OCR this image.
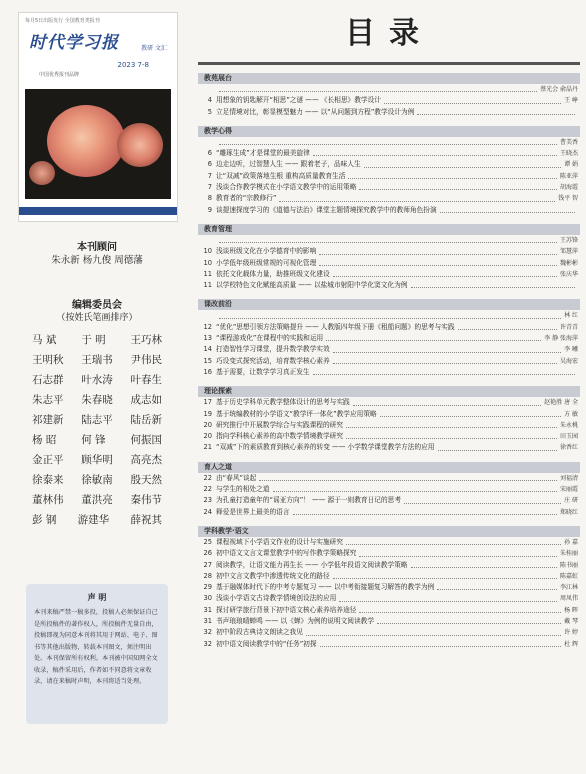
每月5日出版发行 全国教育类报刊
时代学习报	教研 文汇
中国优秀报刊品牌
2023 7-8
本刊顾问
朱永新 杨九俊 周德藩
编辑委员会
（按姓氏笔画排序）
马 斌 于 明 王巧林
王明秋 王瑞书 尹伟民
石志群 叶水涛 叶春生
朱志平 朱春晓 成志如
祁建新 陆志平 陆岳新
杨 昭 何 锋 何振国
金正平 顾华明 高亮杰
徐泰来 徐敏南 殷天然
董林伟 董洪亮 秦伟节
彭 钢 游建华 薛祝其
声 明
本刊来稿严禁一稿多投，投稿人必须保证自己是所投稿件的著作权人，所投稿件无量自由，投稿即视为同意本刊将其用于网站、电子、图书等其他出版物，转载本刊图文，须注明出处。本刊保留所有权利。本刊被中国知网全文收录，稿件采用后，作者如不同意将文章收录，请在来稿时声明，本刊将适当处理。
目录
教苑展台
蔡光会 俞晶丹
4 用想象的钥匙解开“相思”之谜 —— 《长相思》教学设计	王 峥
5 立足情境对比，彰显模型魅力 —— 以“从问题到方程”教学设计为例
教学心得
曹美香
6 “雕琢生成”才是课堂的最美旋律	王晓杰
6 边走边听，过智慧人生 —— 跟着老子，品味人生	谭 娟
7 让“双减”政策落地生根 重构高质量教育生活	陈亚萍
7 浅谈合作教学模式在小学语文教学中的运用策略	胡海霞
8 教育者的“宗教修行”	钱平 智
9 谈提速探度学习的《道德与法治》课堂主题情境探究教学中的教师角色扮演
教育管理
王苏锋
10 浅谈班级文化在小学德育中的影响	邹慧萍
10 小学低年级班级常规的可视化管理	魏彬彬
11 依托文化载体力量，助推班级文化建设	张庆华
11 以学校特色文化赋能高质量 —— 以盐城市射阳中学化窦文化为例
课改前沿
林 红
12 “优化”思想引领方法策略提升 —— 人教版四年级下册《租船问题》的思考与实践	许青青
13 “课程游戏化”在课程中的实践和运用	李 静 张海萍
14 打造智性学习课堂，提升数学教学实效	李 曦
15 巧设变式探究活动，培育数学核心素养	吴海宏
16 基于需要，让数学学习真正发生
理论探索
17 基于历史学科单元教学整体设计的思考与实践	赵艳胜 唐 全
19 基于统编教材的小学语文“教学评一体化”教学应用策略	方 敏
20 研究推行中开展数学综合与实践课程的研究	朱永桃
20 指向学科核心素养的高中数学情境教学研究	田玉园
21 “双减”下的素质教育到核心素养的转变 —— 小学数学课堂教学方法的应用	徐香红
育人之道
22 由“春风”谈起	刘福清
22 与学生的相处之道	宋丽霞
23 为孔童打造童年的“谣亚方向”！ —— 源于一则教育日记的思考	庄 研
24 释爱是世界上最美的语言	郑晓红
学科教学·语文
25 课程视域下小学语文作业的设计与实施研究	孙 嘉
26 初中语文文言文课堂教学中的写作教学策略探究	朱桂丽
27 阅读教学，让语文能力再生长 —— 小学低年段语文阅读教学策略	陈书丽
28 初中文言文教学中渗透传统文化的路径	陈嘉虹
29 基于融媒体时代下的中考专题复习 —— 以中考衔接题复习解答的教学为例	李江林
30 浅谈小学语文古诗教学情境创设法的应用	周凤伟
31 探讨研学旅行背景下初中语文核心素养培养途径	杨 晖
31 书声琅琅晴蝉鸣 —— 以《蝉》为例的说明文阅读教学	戴 琴
32 初中阶段古典诗文朗读之我见	许 婷
32 初中语文阅读教学中的“任务”初探	杜 辉
